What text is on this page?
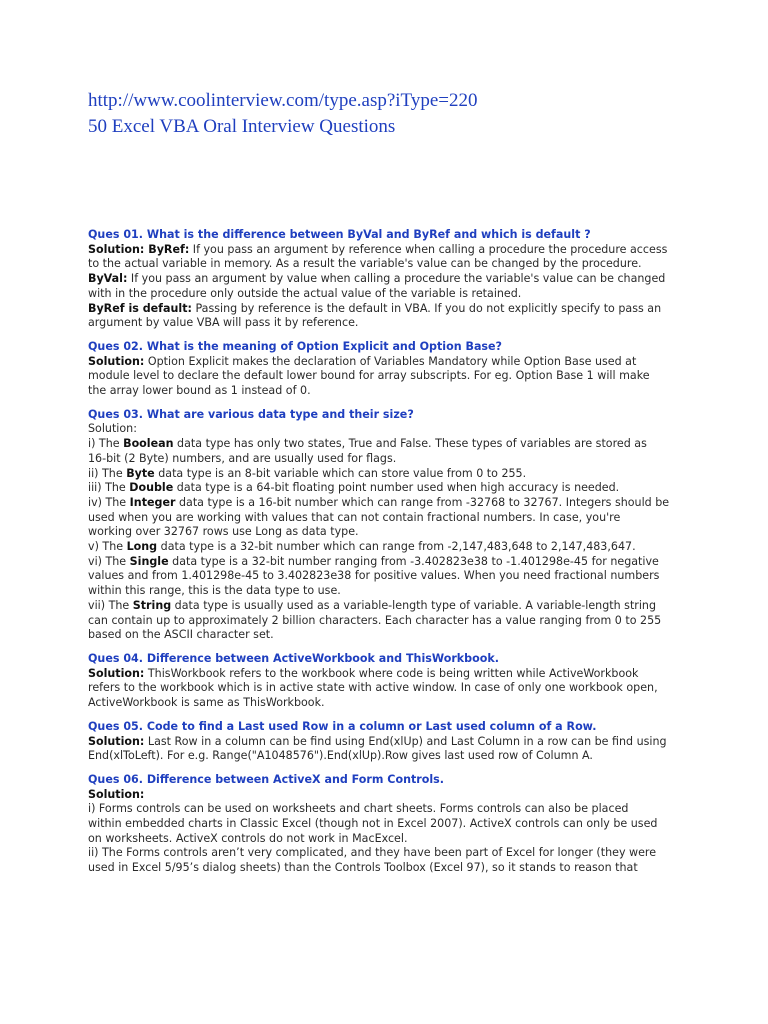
http://www.coolinterview.com/type.asp?iType=220
50 Excel VBA Oral Interview Questions
Ques 01. What is the difference between ByVal and ByRef and which is default ?
Solution: ByRef: If you pass an argument by reference when calling a procedure the procedure access
to the actual variable in memory. As a result the variable's value can be changed by the procedure.
ByVal: If you pass an argument by value when calling a procedure the variable's value can be changed
with in the procedure only outside the actual value of the variable is retained.
ByRef is default: Passing by reference is the default in VBA. If you do not explicitly specify to pass an
argument by value VBA will pass it by reference.
Ques 02. What is the meaning of Option Explicit and Option Base?
Solution: Option Explicit makes the declaration of Variables Mandatory while Option Base used at
module level to declare the default lower bound for array subscripts. For eg. Option Base 1 will make
the array lower bound as 1 instead of 0.
Ques 03. What are various data type and their size?
Solution:
i) The Boolean data type has only two states, True and False. These types of variables are stored as
16-bit (2 Byte) numbers, and are usually used for flags.
ii) The Byte data type is an 8-bit variable which can store value from 0 to 255.
iii) The Double data type is a 64-bit floating point number used when high accuracy is needed.
iv) The Integer data type is a 16-bit number which can range from -32768 to 32767. Integers should be
used when you are working with values that can not contain fractional numbers. In case, you're
working over 32767 rows use Long as data type.
v) The Long data type is a 32-bit number which can range from -2,147,483,648 to 2,147,483,647.
vi) The Single data type is a 32-bit number ranging from -3.402823e38 to -1.401298e-45 for negative
values and from 1.401298e-45 to 3.402823e38 for positive values. When you need fractional numbers
within this range, this is the data type to use.
vii) The String data type is usually used as a variable-length type of variable. A variable-length string
can contain up to approximately 2 billion characters. Each character has a value ranging from 0 to 255
based on the ASCII character set.
Ques 04. Difference between ActiveWorkbook and ThisWorkbook.
Solution: ThisWorkbook refers to the workbook where code is being written while ActiveWorkbook
refers to the workbook which is in active state with active window. In case of only one workbook open,
ActiveWorkbook is same as ThisWorkbook.
Ques 05. Code to find a Last used Row in a column or Last used column of a Row.
Solution: Last Row in a column can be find using End(xlUp) and Last Column in a row can be find using
End(xlToLeft). For e.g. Range("A1048576").End(xlUp).Row gives last used row of Column A.
Ques 06. Difference between ActiveX and Form Controls.
Solution:
i) Forms controls can be used on worksheets and chart sheets. Forms controls can also be placed
within embedded charts in Classic Excel (though not in Excel 2007). ActiveX controls can only be used
on worksheets. ActiveX controls do not work in MacExcel.
ii) The Forms controls aren’t very complicated, and they have been part of Excel for longer (they were
used in Excel 5/95’s dialog sheets) than the Controls Toolbox (Excel 97), so it stands to reason that
